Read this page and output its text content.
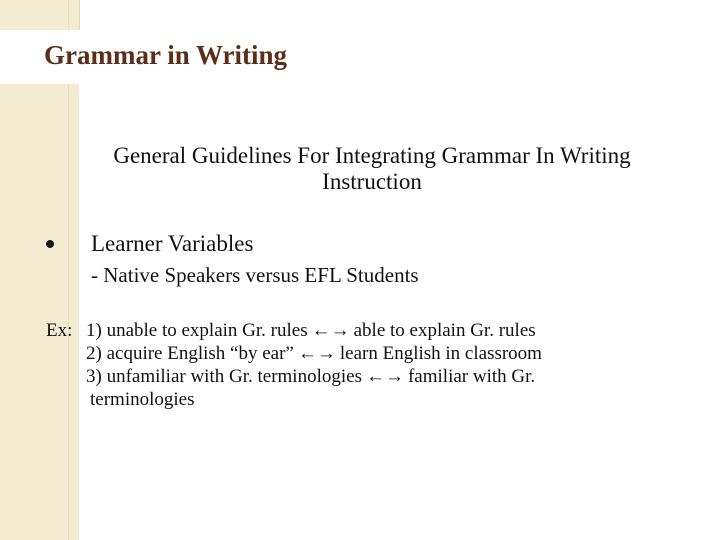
Grammar in Writing
General Guidelines For Integrating Grammar In Writing Instruction
Learner Variables
- Native Speakers versus EFL Students
Ex: 1) unable to explain Gr. rules ←→ able to explain Gr. rules
2) acquire English “by ear” ←→ learn English in classroom
3) unfamiliar with Gr. terminologies ←→ familiar with Gr.
terminologies
